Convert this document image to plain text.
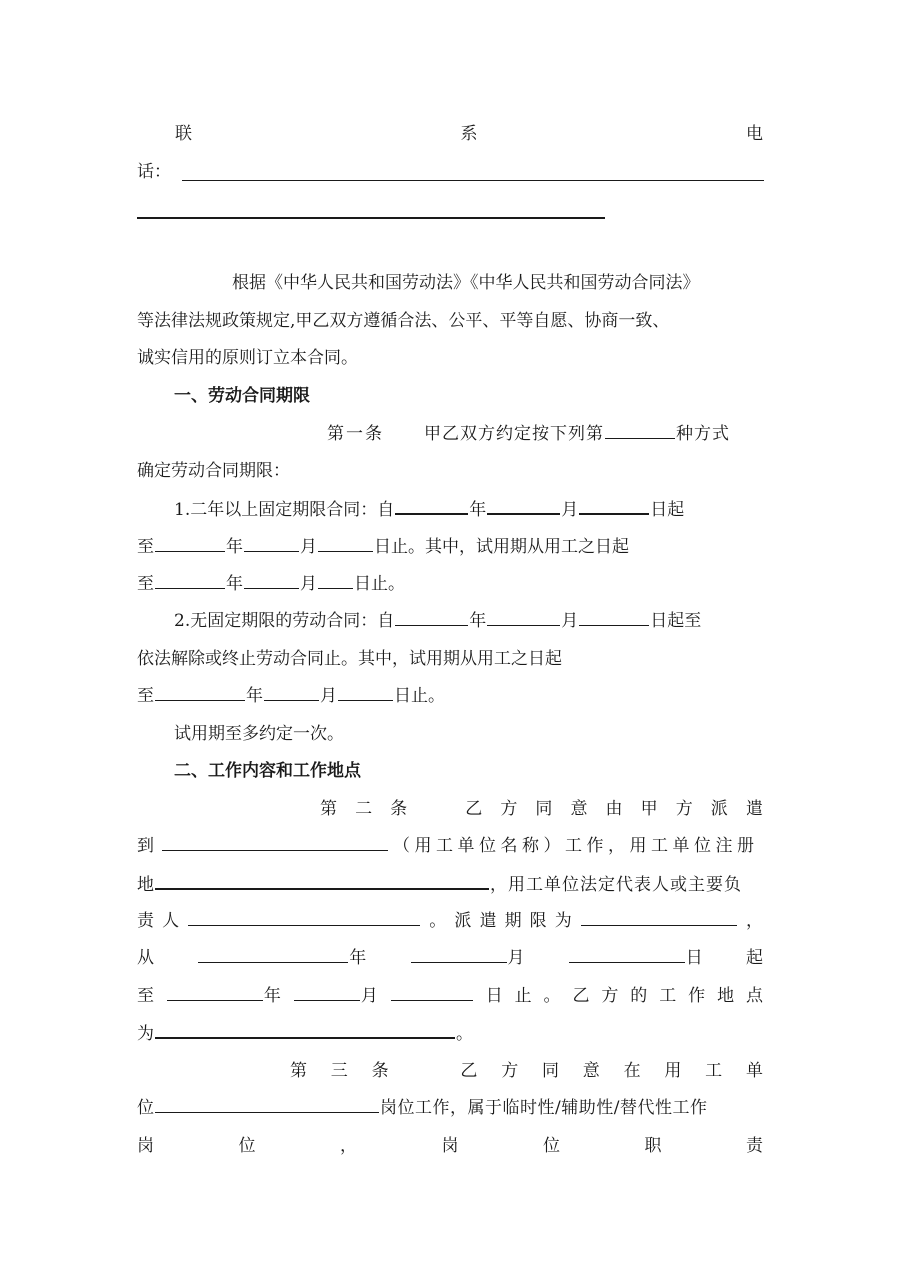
联	系	电
话：
根据《中华人民共和国劳动法》《中华人民共和国劳动合同法》
等法律法规政策规定,甲乙双方遵循合法、公平、平等自愿、协商一致、
诚实信用的原则订立本合同。
一、劳动合同期限
第一条 甲乙双方约定按下列第	种方式
确定劳动合同期限：
1.二年以上固定期限合同：自	年	月	日起
至	年	月	日止。其中，试用期从用工之日起
至	年	月 日止。
2.无固定期限的劳动合同：自	年	月	日起至
依法解除或终止劳动合同止。其中，试用期从用工之日起
至	年	月	日止。
试用期至多约定一次。
二、工作内容和工作地点
第 二 条	乙 方 同 意 由 甲 方 派 遣
到	（用工单位名称）工作，用工单位注册
地	，用工单位法定代表人或主要负
责 人	。 派 遣 期 限 为	，
从	年	月	日	起
至	年	月	日 止 。 乙 方 的 工 作 地 点
为	。
第 三 条	乙 方 同 意 在 用 工 单
位	岗位工作，属于临时性/辅助性/替代性工作
岗	位	，	岗	位	职	责
